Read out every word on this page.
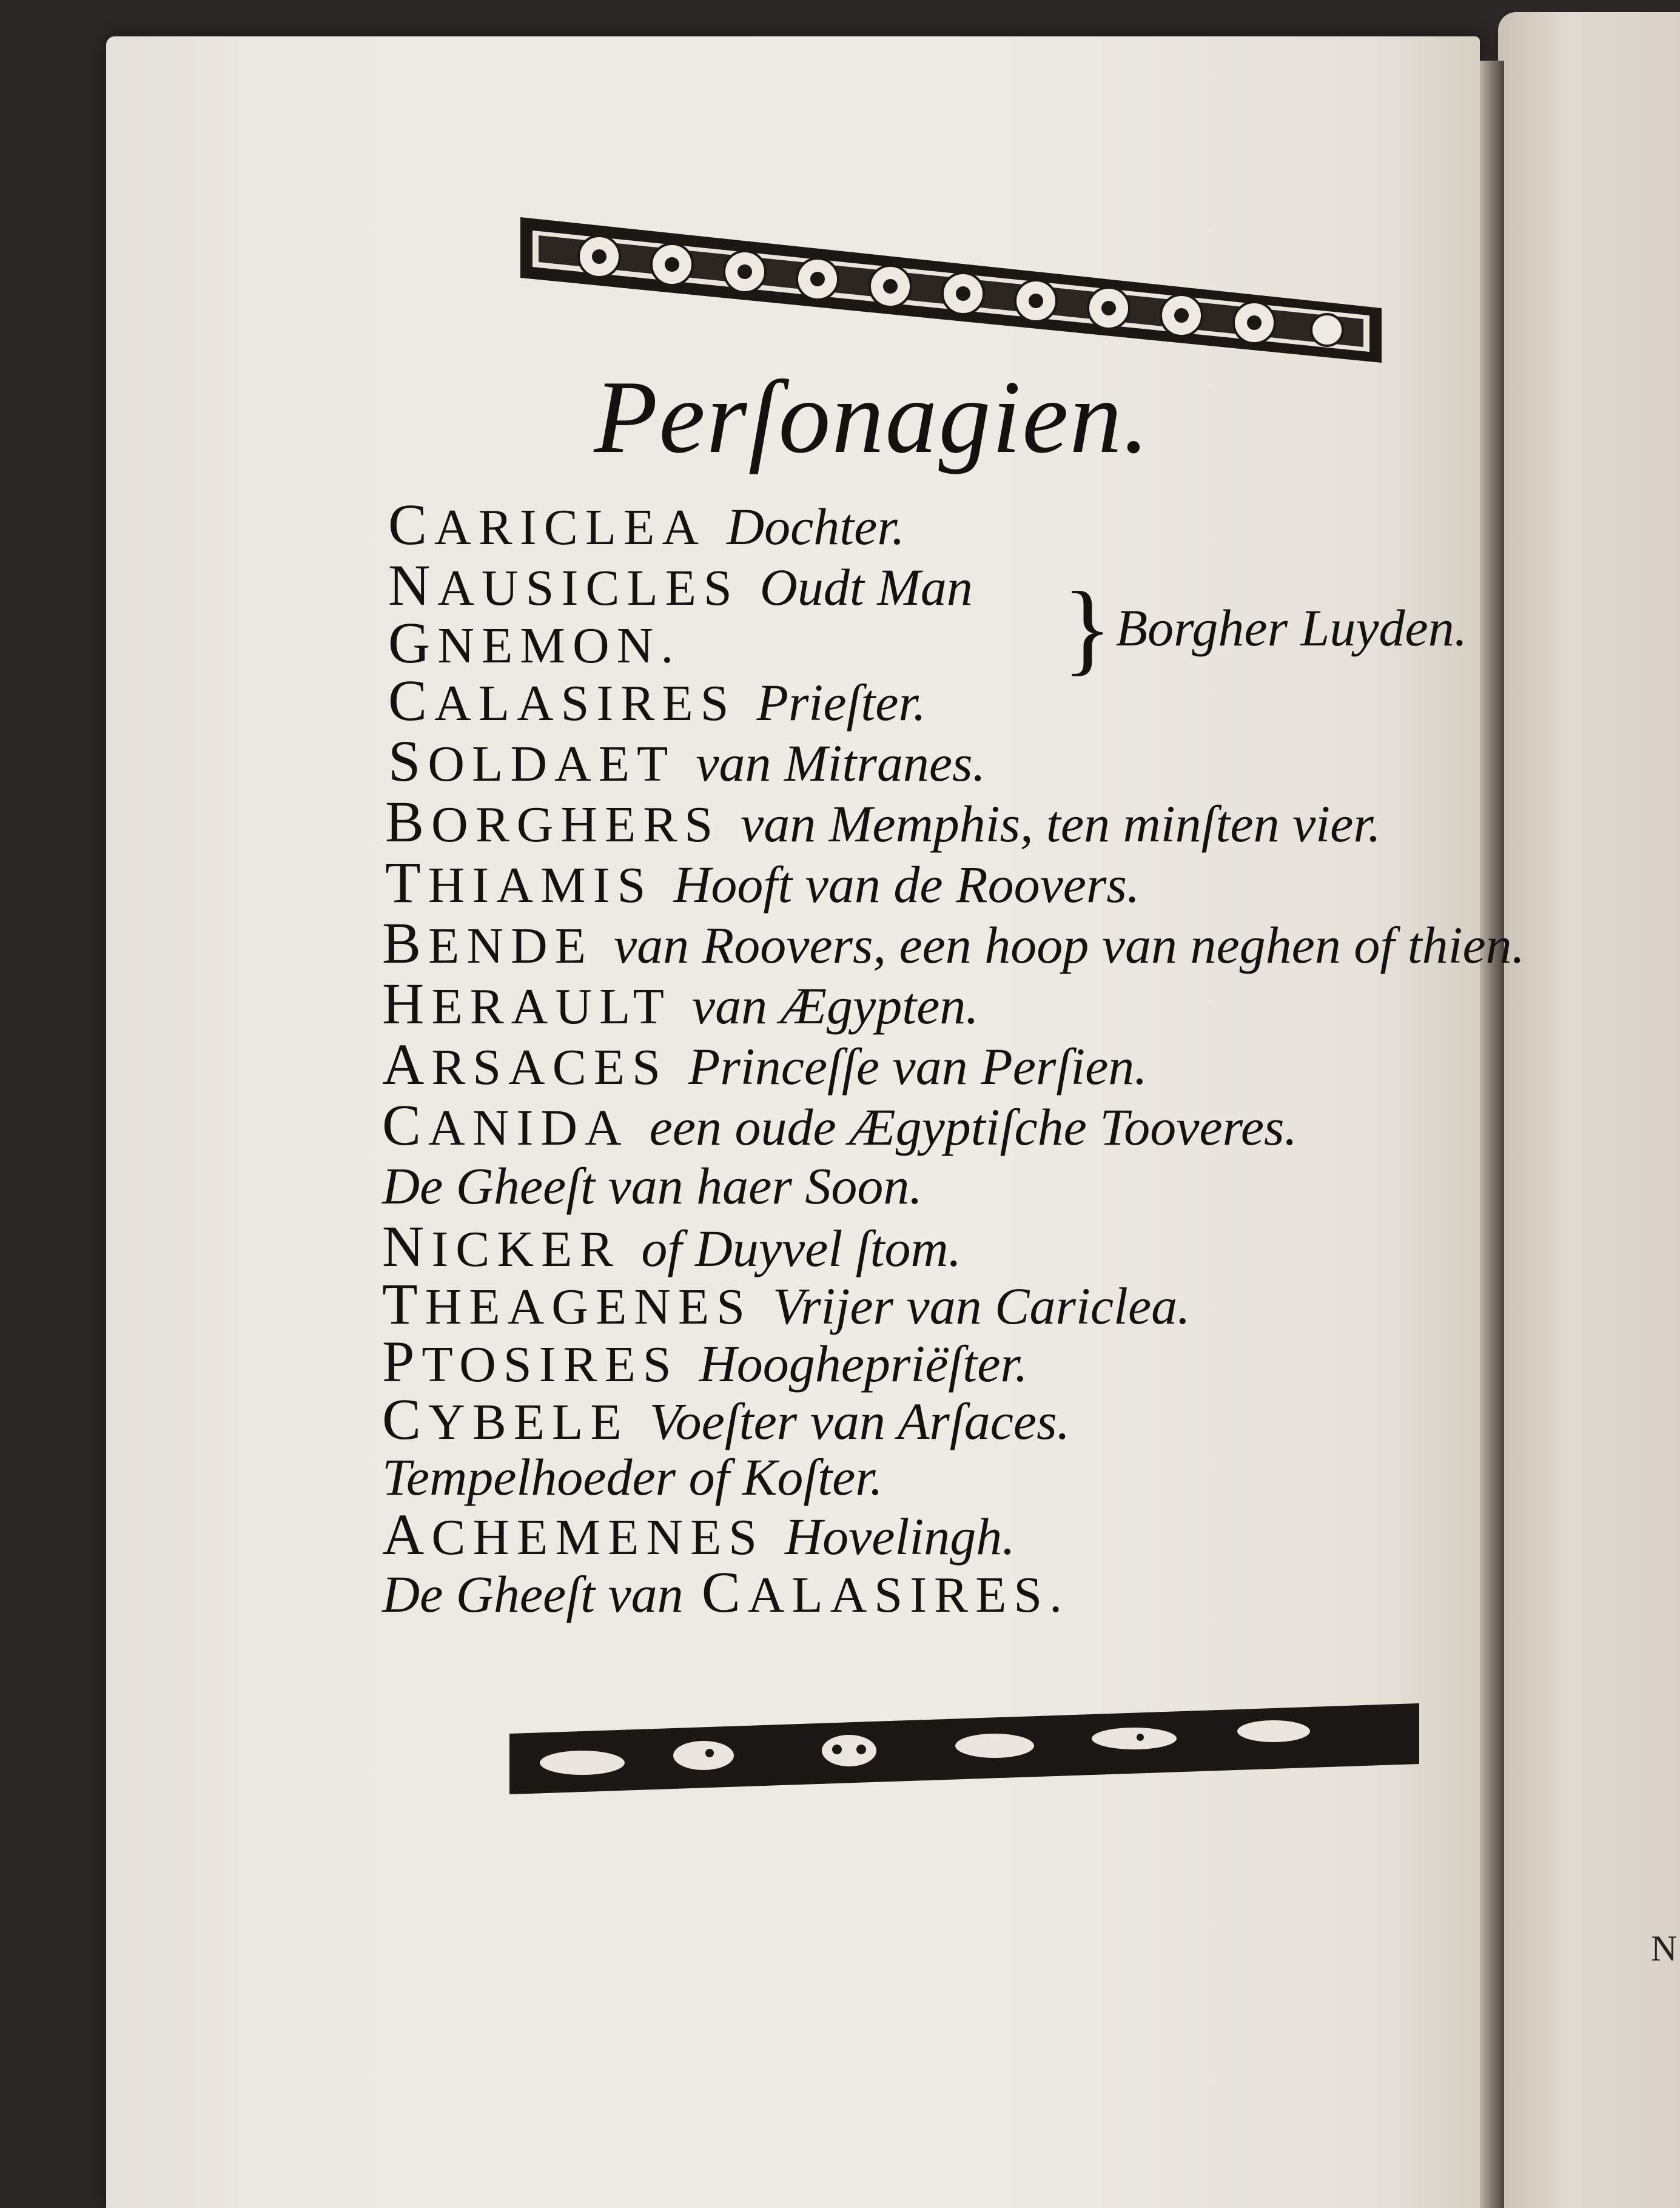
N
Perſonagien.
CARICLEA Dochter.
NAUSICLES Oudt Man
GNEMON.
CALASIRES Prieſter.
SOLDAET van Mitranes.
BORGHERS van Memphis, ten minſten vier.
THIAMIS Hooft van de Roovers.
BENDE van Roovers, een hoop van neghen of thien.
HERAULT van Ægypten.
ARSACES Princeſſe van Perſien.
CANIDA een oude Ægyptiſche Tooveres.
De Gheeſt van haer Soon.
NICKER of Duyvel ſtom.
THEAGENES Vrijer van Cariclea.
PTOSIRES Hooghepriëſter.
CYBELE Voeſter van Arſaces.
Tempelhoeder of Koſter.
ACHEMENES Hovelingh.
De Gheeſt van CALASIRES.
} Borgher Luyden.
